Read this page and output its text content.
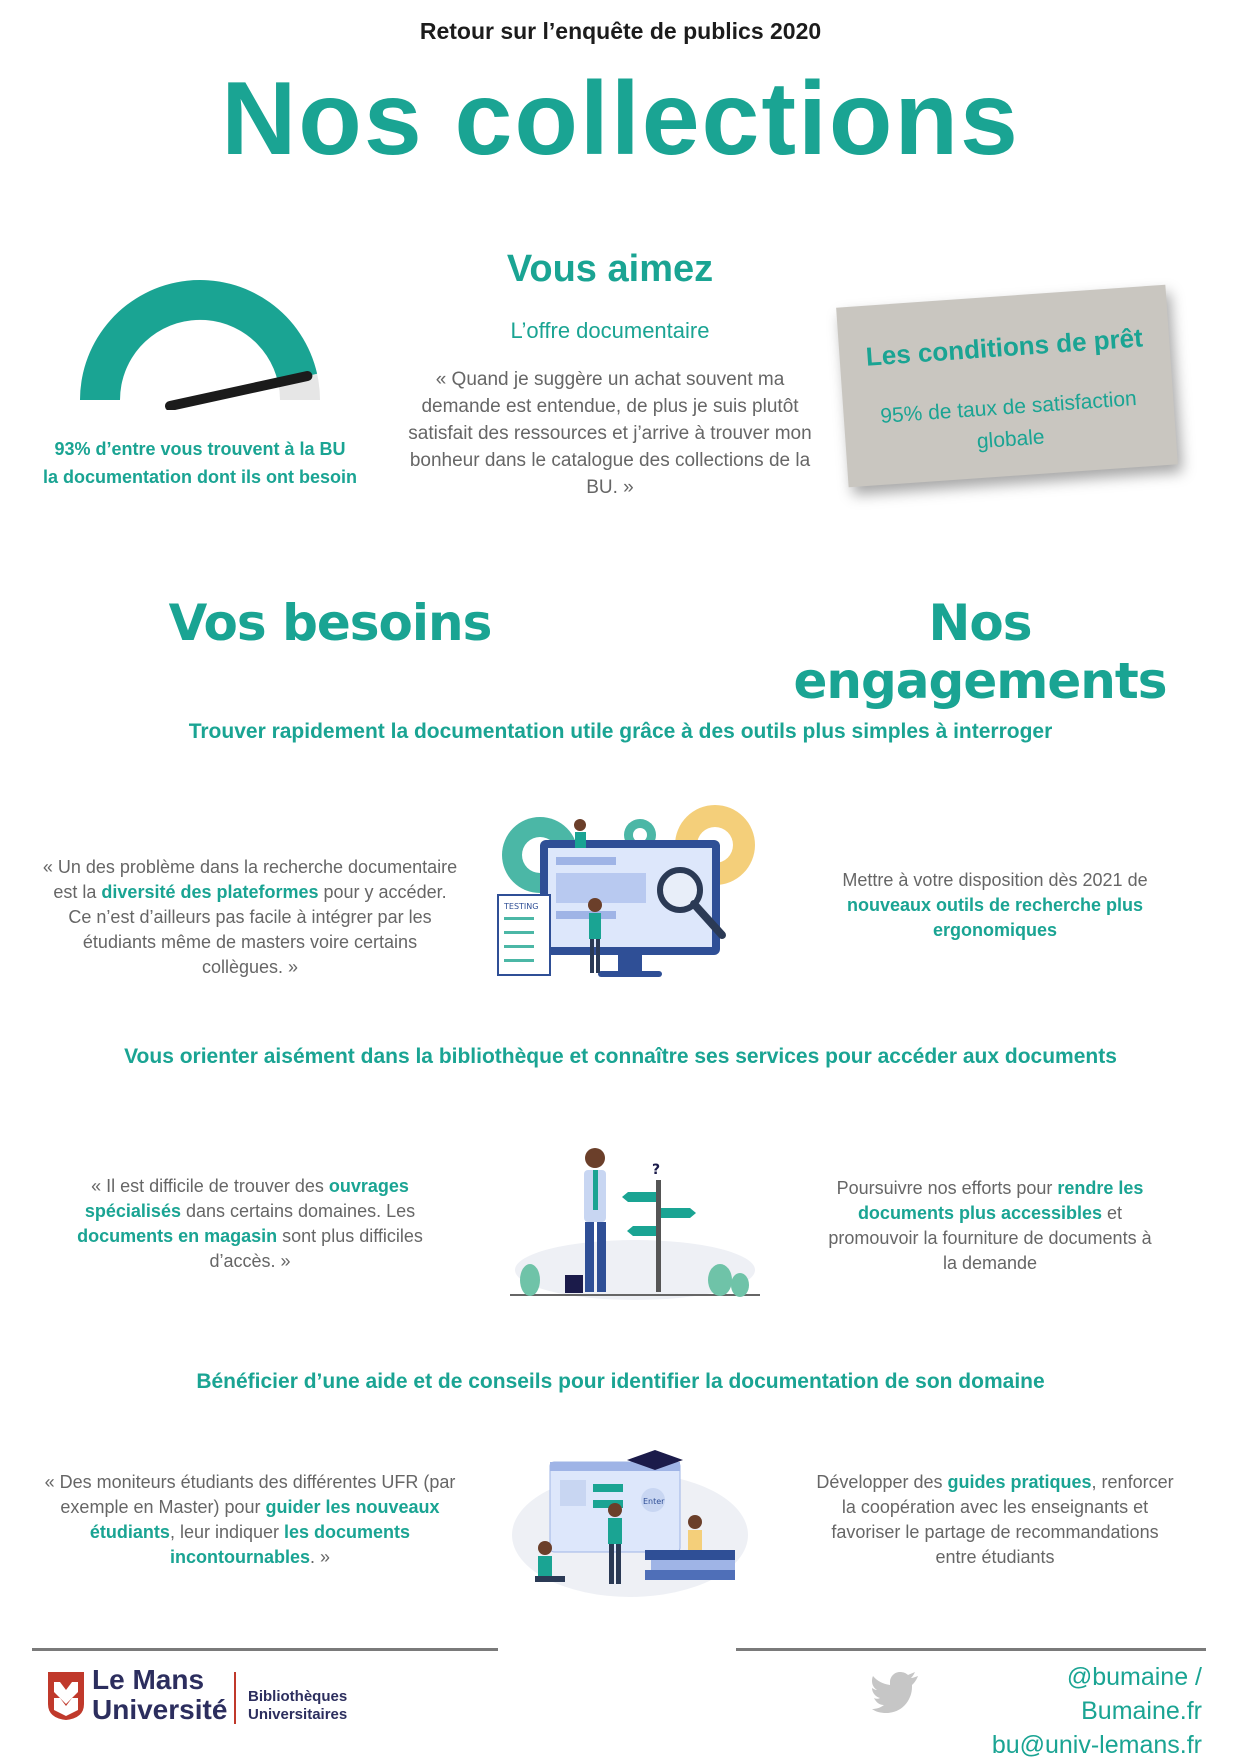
Retour sur l’enquête de publics 2020
Nos collections
93% d’entre vous trouvent à la BU
la documentation dont ils ont besoin
Vous aimez
L’offre documentaire
« Quand je suggère un achat souvent ma demande est entendue, de plus je suis plutôt satisfait des ressources et j’arrive à trouver mon bonheur dans le catalogue des collections de la BU. »
Les conditions de prêt
95% de taux de satisfaction globale
Vos besoins	Nos engagements
Trouver rapidement la documentation utile grâce à des outils plus simples à interroger
« Un des problème dans la recherche documentaire est la diversité des plateformes pour y accéder. Ce n’est d’ailleurs pas facile à intégrer par les étudiants même de masters voire certains collègues. »
TESTING
Mettre à votre disposition dès 2021 de nouveaux outils de recherche plus ergonomiques
Vous orienter aisément dans la bibliothèque et connaître ses services pour accéder aux documents
« Il est difficile de trouver des ouvrages spécialisés dans certains domaines. Les documents en magasin sont plus difficiles d’accès. »
?
Poursuivre nos efforts pour rendre les documents plus accessibles et promouvoir la fourniture de documents à la demande
Bénéficier d’une aide et de conseils pour identifier la documentation de son domaine
« Des moniteurs étudiants des différentes UFR (par exemple en Master) pour guider les nouveaux étudiants, leur indiquer les documents incontournables. »
Enter
Développer des guides pratiques, renforcer la coopération avec les enseignants et favoriser le partage de recommandations entre étudiants
Le Mans
Université Bibliothèques
Universitaires
@bumaine / Bumaine.fr
bu@univ-lemans.fr
